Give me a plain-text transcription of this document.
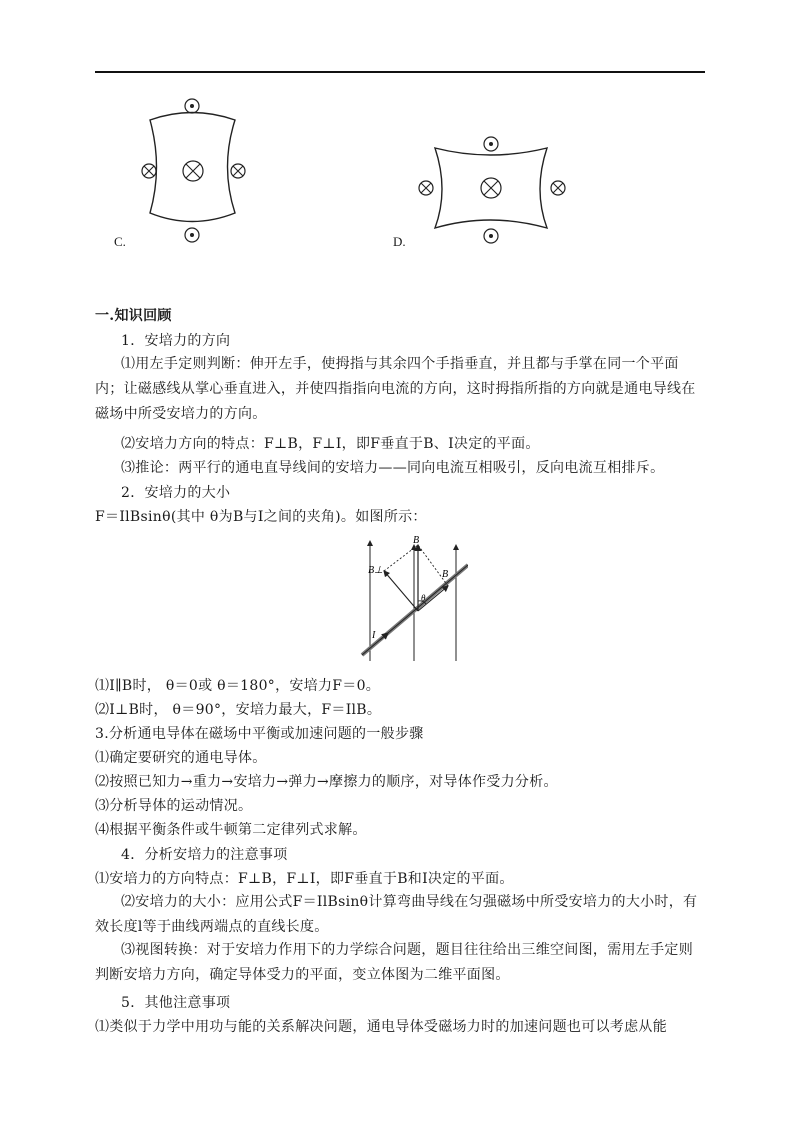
C.	D.
一.知识回顾
1．安培力的方向

⑴用左手定则判断：伸开左手，使拇指与其余四个手指垂直，并且都与手掌在同一个平面内；让磁感线从掌心垂直进入，并使四指指向电流的方向，这时拇指所指的方向就是通电导线在磁场中所受安培力的方向。

⑵安培力方向的特点：F⊥B，F⊥I，即F垂直于B、I决定的平面。
⑶推论：两平行的通电直导线间的安培力——同向电流互相吸引，反向电流互相排斥。
2．安培力的大小
F＝IlBsinθ(其中 θ为B与I之间的夹角)。如图所示：
B
B⊥	B
θ
I
⑴I∥B时， θ＝0或 θ＝180°，安培力F＝0。
⑵I⊥B时， θ＝90°，安培力最大，F＝IlB。
3.分析通电导体在磁场中平衡或加速问题的一般步骤
⑴确定要研究的通电导体。
⑵按照已知力→重力→安培力→弹力→摩擦力的顺序，对导体作受力分析。
⑶分析导体的运动情况。
⑷根据平衡条件或牛顿第二定律列式求解。
4．分析安培力的注意事项
⑴安培力的方向特点：F⊥B，F⊥I，即F垂直于B和I决定的平面。

⑵安培力的大小：应用公式F＝IlBsinθ计算弯曲导线在匀强磁场中所受安培力的大小时，有效长度l等于曲线两端点的直线长度。

⑶视图转换：对于安培力作用下的力学综合问题，题目往往给出三维空间图，需用左手定则判断安培力方向，确定导体受力的平面，变立体图为二维平面图。

5．其他注意事项
⑴类似于力学中用功与能的关系解决问题，通电导体受磁场力时的加速问题也可以考虑从能
